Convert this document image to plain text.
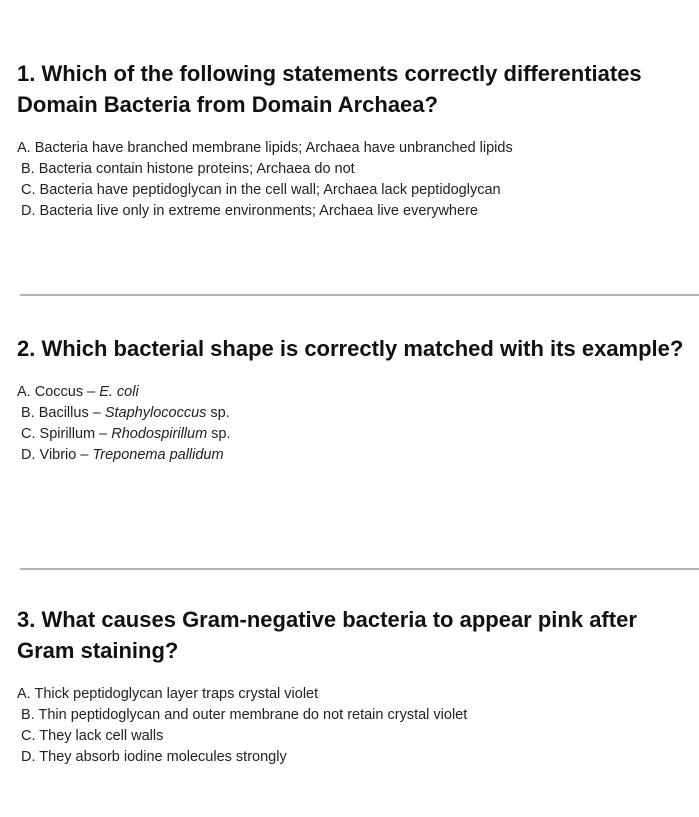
1. Which of the following statements correctly differentiates Domain Bacteria from Domain Archaea?

A. Bacteria have branched membrane lipids; Archaea have unbranched lipids
B. Bacteria contain histone proteins; Archaea do not
C. Bacteria have peptidoglycan in the cell wall; Archaea lack peptidoglycan
D. Bacteria live only in extreme environments; Archaea live everywhere

2. Which bacterial shape is correctly matched with its example?

A. Coccus – E. coli
B. Bacillus – Staphylococcus sp.
C. Spirillum – Rhodospirillum sp.
D. Vibrio – Treponema pallidum

3. What causes Gram-negative bacteria to appear pink after Gram staining?

A. Thick peptidoglycan layer traps crystal violet
B. Thin peptidoglycan and outer membrane do not retain crystal violet
C. They lack cell walls
D. They absorb iodine molecules strongly
